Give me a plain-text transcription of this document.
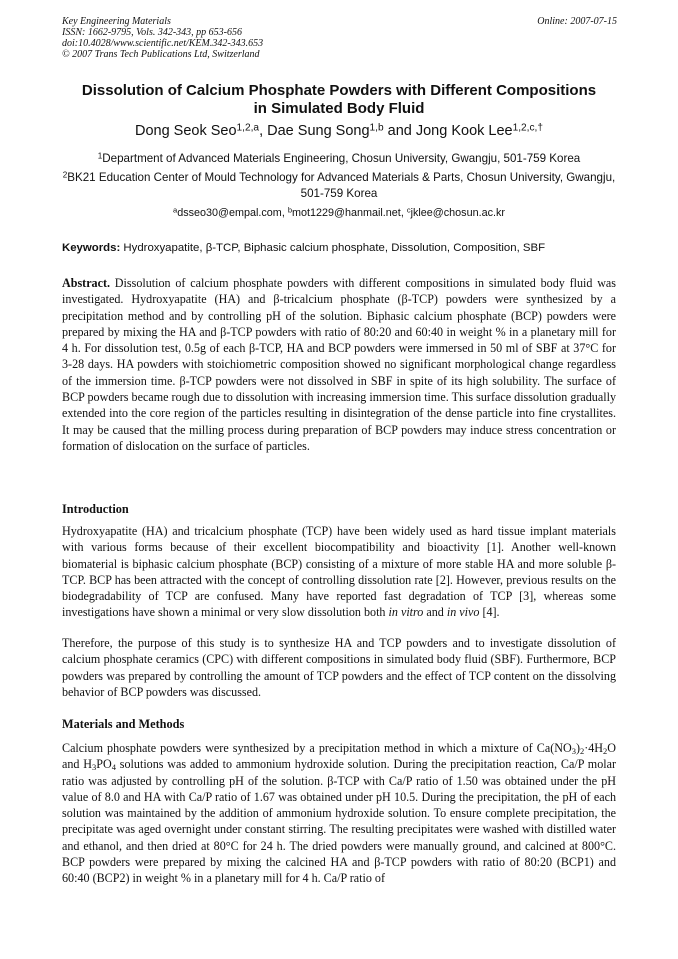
Key Engineering Materials
ISSN: 1662-9795, Vols. 342-343, pp 653-656
doi:10.4028/www.scientific.net/KEM.342-343.653
© 2007 Trans Tech Publications Ltd, Switzerland
Online: 2007-07-15
Dissolution of Calcium Phosphate Powders with Different Compositions
in Simulated Body Fluid
Dong Seok Seo$^{1,2,a}$, Dae Sung Song$^{1,b}$ and Jong Kook Lee$^{1,2,c,\dagger}$
$^1$Department of Advanced Materials Engineering, Chosun University, Gwangju, 501-759 Korea
$^2$BK21 Education Center of Mould Technology for Advanced Materials & Parts, Chosun University, Gwangju, 501-759 Korea
$^a$dsseo30@empal.com, $^b$mot1229@hanmail.net, $^c$jklee@chosun.ac.kr
Keywords: Hydroxyapatite, β-TCP, Biphasic calcium phosphate, Dissolution, Composition, SBF

Abstract. Dissolution of calcium phosphate powders with different compositions in simulated body fluid was investigated. Hydroxyapatite (HA) and β-tricalcium phosphate (β-TCP) powders were synthesized by a precipitation method and by controlling pH of the solution. Biphasic calcium phosphate (BCP) powders were prepared by mixing the HA and β-TCP powders with ratio of 80:20 and 60:40 in weight % in a planetary mill for 4 h. For dissolution test, 0.5g of each β-TCP, HA and BCP powders were immersed in 50 ml of SBF at 37°C for 3-28 days. HA powders with stoichiometric composition showed no significant morphological change regardless of the immersion time. β-TCP powders were not dissolved in SBF in spite of its high solubility. The surface of BCP powders became rough due to dissolution with increasing immersion time. This surface dissolution gradually extended into the core region of the particles resulting in disintegration of the dense particle into fine crystallites. It may be caused that the milling process during preparation of BCP powders may induce stress concentration or formation of dislocation on the surface of particles.

Introduction

Hydroxyapatite (HA) and tricalcium phosphate (TCP) have been widely used as hard tissue implant materials with various forms because of their excellent biocompatibility and bioactivity [1]. Another well-known biomaterial is biphasic calcium phosphate (BCP) consisting of a mixture of more stable HA and more soluble β-TCP. BCP has been attracted with the concept of controlling dissolution rate [2]. However, previous results on the biodegradability of TCP are confused. Many have reported fast degradation of TCP [3], whereas some investigations have shown a minimal or very slow dissolution both in vitro and in vivo [4].

Therefore, the purpose of this study is to synthesize HA and TCP powders and to investigate dissolution of calcium phosphate ceramics (CPC) with different compositions in simulated body fluid (SBF). Furthermore, BCP powders was prepared by controlling the amount of TCP powders and the effect of TCP content on the dissolving behavior of BCP powders was discussed.

Materials and Methods

Calcium phosphate powders were synthesized by a precipitation method in which a mixture of $Ca(NO_3)_2\cdot 4H_2O$ and $H_3PO_4$ solutions was added to ammonium hydroxide solution. During the precipitation reaction, Ca/P molar ratio was adjusted by controlling pH of the solution. β-TCP with Ca/P ratio of 1.50 was obtained under the pH value of 8.0 and HA with Ca/P ratio of 1.67 was obtained under pH 10.5. During the precipitation, the pH of each solution was maintained by the addition of ammonium hydroxide solution. To ensure complete precipitation, the precipitate was aged overnight under constant stirring. The resulting precipitates were washed with distilled water and ethanol, and then dried at 80°C for 24 h. The dried powders were manually ground, and calcined at 800°C. BCP powders were prepared by mixing the calcined HA and β-TCP powders with ratio of 80:20 (BCP1) and 60:40 (BCP2) in weight % in a planetary mill for 4 h. Ca/P ratio of
